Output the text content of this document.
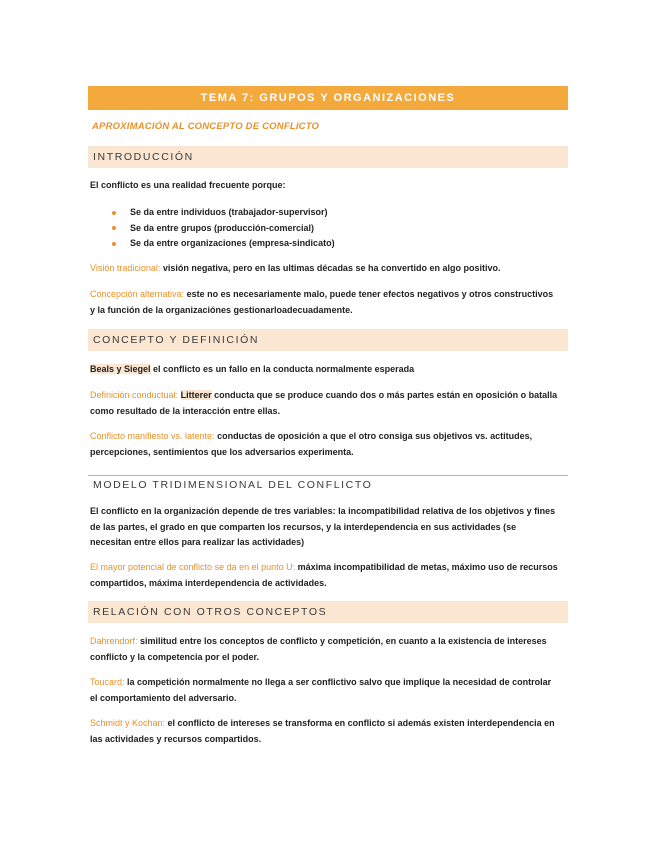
TEMA 7: GRUPOS Y ORGANIZACIONES
APROXIMACIÓN AL CONCEPTO DE CONFLICTO
INTRODUCCIÓN
El conflicto es una realidad frecuente porque:
Se da entre individuos (trabajador-supervisor)
Se da entre grupos (producción-comercial)
Se da entre organizaciones (empresa-sindicato)
Visión tradicional: visión negativa, pero en las ultimas décadas se ha convertido en algo positivo.
Concepción alternativa: este no es necesariamente malo, puede tener efectos negativos y otros constructivos y la función de la organizaciónes gestionarloadecuadamente.
CONCEPTO Y DEFINICIÓN
Beals y Siegel el conflicto es un fallo en la conducta normalmente esperada
Definición conductual: Litterer conducta que se produce cuando dos o más partes están en oposición o batalla como resultado de la interacción entre ellas.
Conflicto manifiesto vs. latente: conductas de oposición a que el otro consiga sus objetivos vs. actitudes, percepciones, sentimientos que los adversarios experimenta.
MODELO TRIDIMENSIONAL DEL CONFLICTO
El conflicto en la organización depende de tres variables: la incompatibilidad relativa de los objetivos y fines de las partes, el grado en que comparten los recursos, y la interdependencia en sus actividades (se necesitan entre ellos para realizar las actividades)
El mayor potencial de conflicto se da en el punto U: máxima incompatibilidad de metas, máximo uso de recursos compartidos, máxima interdependencia de actividades.
RELACIÓN CON OTROS CONCEPTOS
Dahrendorf: similitud entre los conceptos de conflicto y competición, en cuanto a la existencia de intereses conflicto y la competencia por el poder.
Toucard: la competición normalmente no llega a ser conflictivo salvo que implique la necesidad de controlar el comportamiento del adversario.
Schmidt y Kochan: el conflicto de intereses se transforma en conflicto si además existen interdependencia en las actividades y recursos compartidos.
